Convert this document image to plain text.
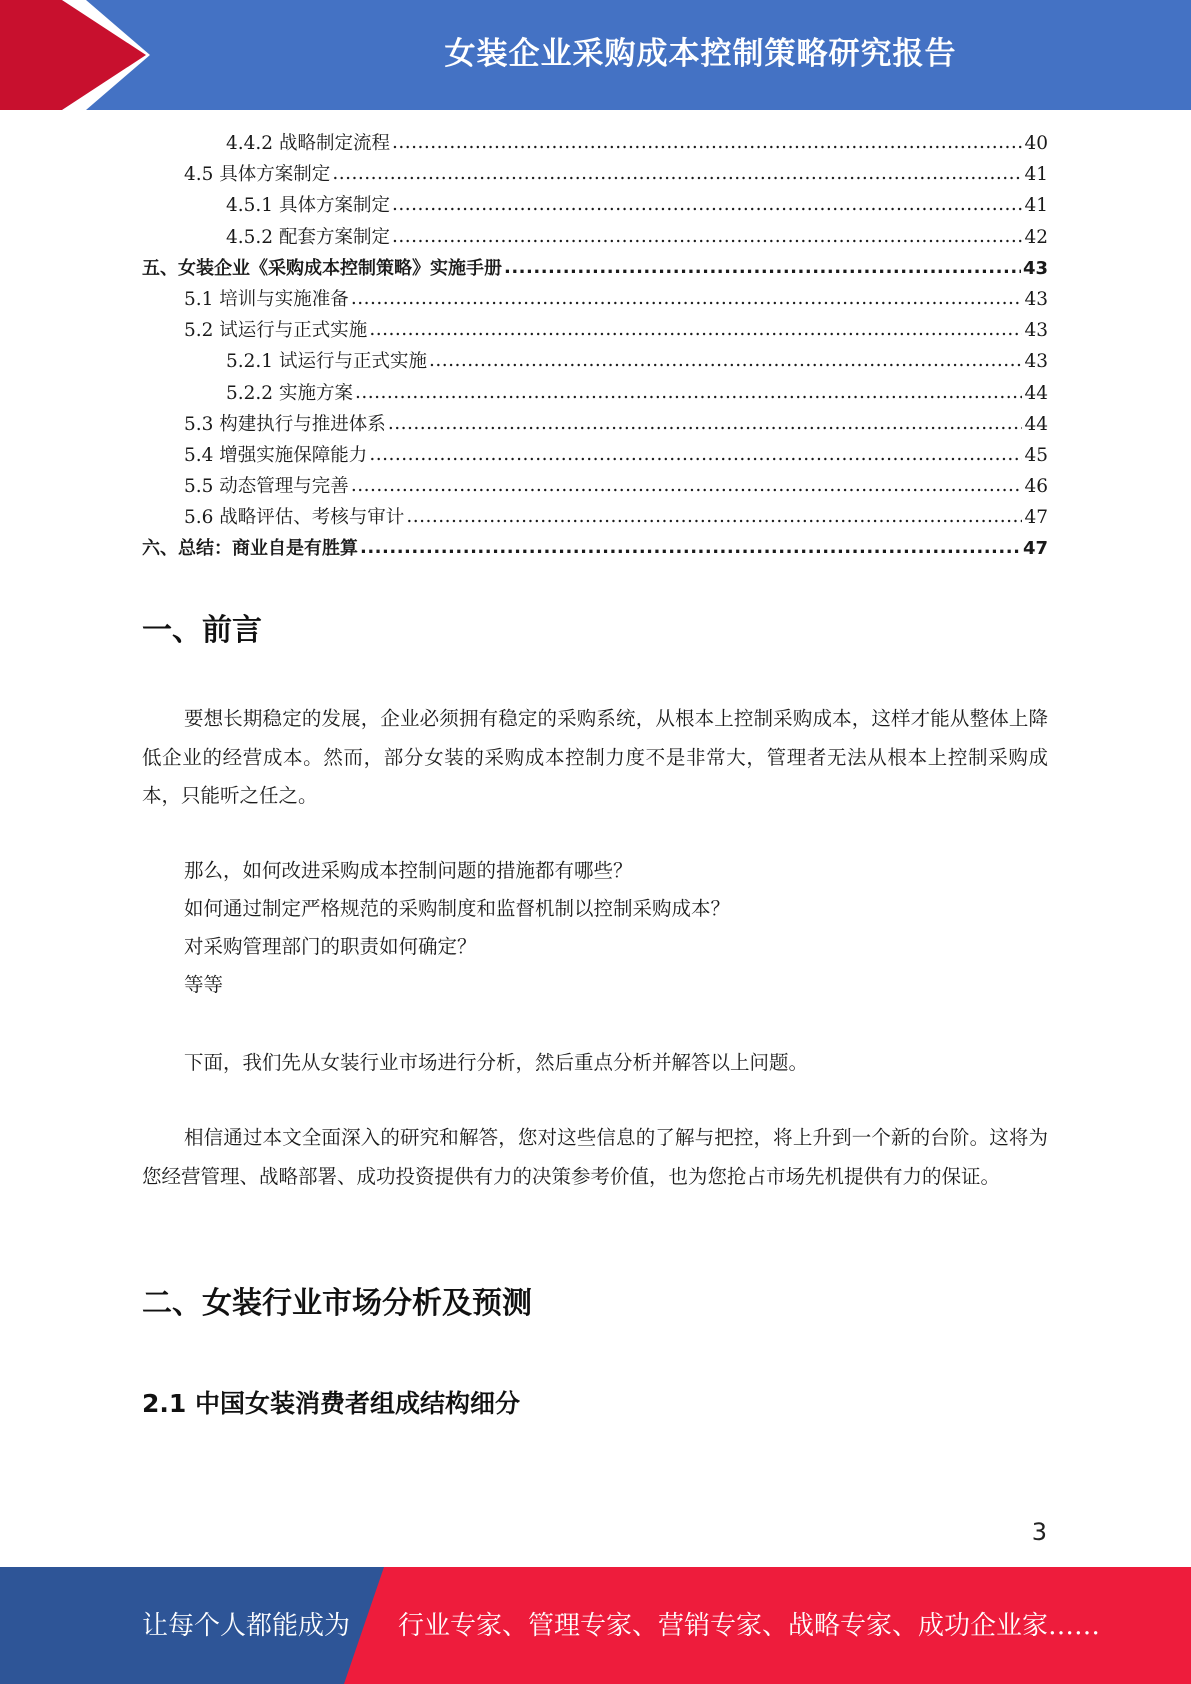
女装企业采购成本控制策略研究报告
4.4.2 战略制定流程 .....	40
4.5 具体方案制定 .....	41
4.5.1 具体方案制定 .....	41
4.5.2 配套方案制定 .....	42
五、女装企业《采购成本控制策略》实施手册 .....	43
5.1 培训与实施准备 .....	43
5.2 试运行与正式实施 .....	43
5.2.1 试运行与正式实施 .....	43
5.2.2 实施方案 .....	44
5.3 构建执行与推进体系 .....	44
5.4 增强实施保障能力 .....	45
5.5 动态管理与完善 .....	46
5.6 战略评估、考核与审计 .....	47
六、总结：商业自是有胜算 .....	47
一、前言
要想长期稳定的发展，企业必须拥有稳定的采购系统，从根本上控制采购成本，这样才能从整体上降低企业的经营成本。然而，部分女装的采购成本控制力度不是非常大，管理者无法从根本上控制采购成本，只能听之任之。
那么，如何改进采购成本控制问题的措施都有哪些？
如何通过制定严格规范的采购制度和监督机制以控制采购成本？
对采购管理部门的职责如何确定？
等等
下面，我们先从女装行业市场进行分析，然后重点分析并解答以上问题。
相信通过本文全面深入的研究和解答，您对这些信息的了解与把控，将上升到一个新的台阶。这将为您经营管理、战略部署、成功投资提供有力的决策参考价值，也为您抢占市场先机提供有力的保证。
二、女装行业市场分析及预测
2.1 中国女装消费者组成结构细分
3
让每个人都能成为 行业专家、管理专家、营销专家、战略专家、成功企业家……
